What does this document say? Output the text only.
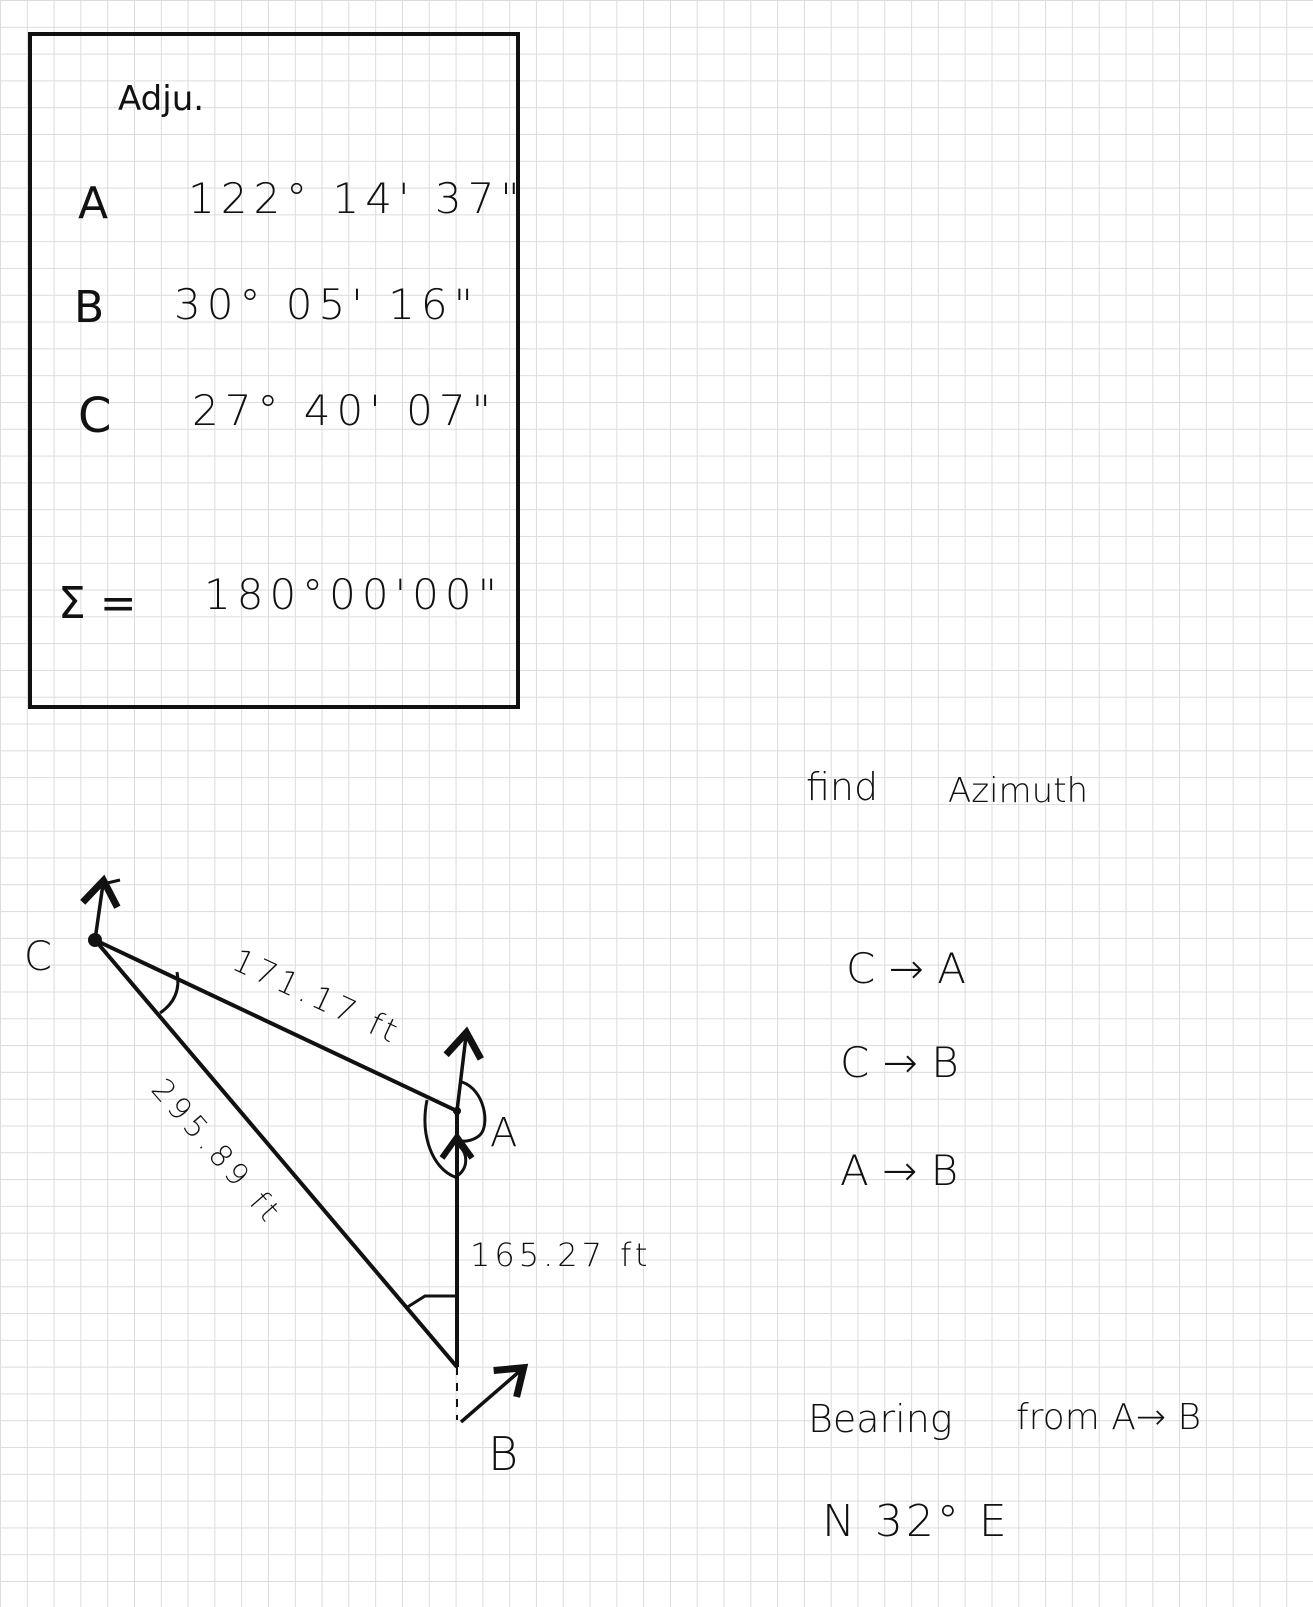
Adju.
A 122° 14' 37"
B 30° 05' 16"
C 27° 40' 07"
Σ = 180°00'00"
C
A
B
171.17 ft
295.89 ft
165.27 ft
find Azimuth
C → A
C → B
A → B
Bearing from A→ B
N 32° E
